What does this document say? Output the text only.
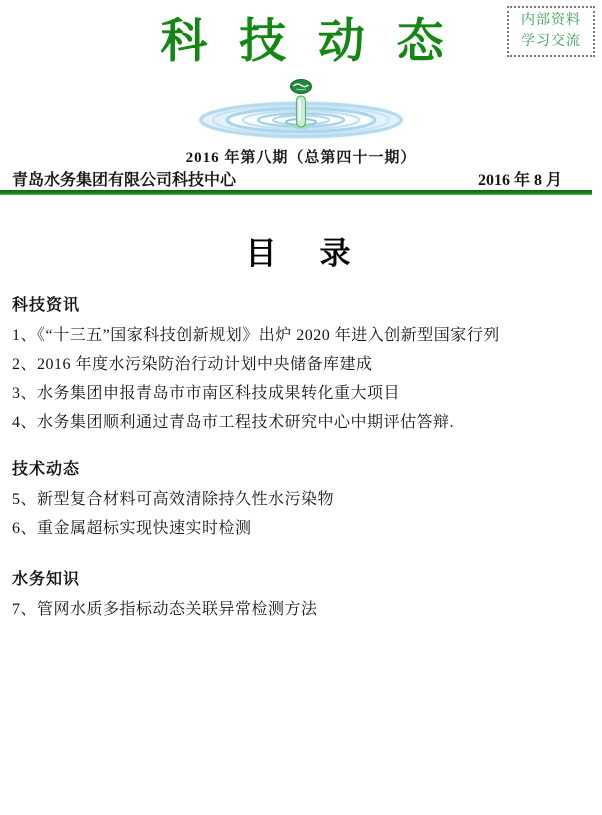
内部资料
学习交流
科 技 动 态
2016 年第八期（总第四十一期）
青岛水务集团有限公司科技中心	2016 年 8 月
目　录
科技资讯
1、《“十三五”国家科技创新规划》出炉 2020 年进入创新型国家行列
2、2016 年度水污染防治行动计划中央储备库建成
3、水务集团申报青岛市市南区科技成果转化重大项目
4、水务集团顺利通过青岛市工程技术研究中心中期评估答辩.
技术动态
5、新型复合材料可高效清除持久性水污染物
6、重金属超标实现快速实时检测
水务知识
7、管网水质多指标动态关联异常检测方法
